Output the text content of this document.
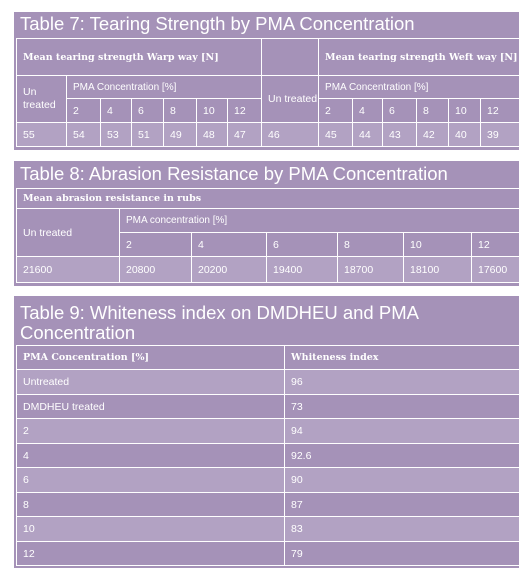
Table 7: Tearing Strength by PMA Concentration
Mean tearing strength Warp way [N]								Mean tearing strength Weft way [N]					
Un treated	PMA Concentration [%]						Un treated	PMA Concentration [%]					
	2	4	6	8	10	12		2	4	6	8	10	12
55	54	53	51	49	48	47	46	45	44	43	42	40	39
Table 8: Abrasion Resistance by PMA Concentration
Mean abrasion resistance in rubs						
Un treated	PMA concentration [%]					
	2	4	6	8	10	12
21600	20800	20200	19400	18700	18100	17600
Table 9: Whiteness index on DMDHEU and PMA
Concentration
PMA Concentration [%]	Whiteness index
Untreated	96
DMDHEU treated	73
2	94
4	92.6
6	90
8	87
10	83
12	79
